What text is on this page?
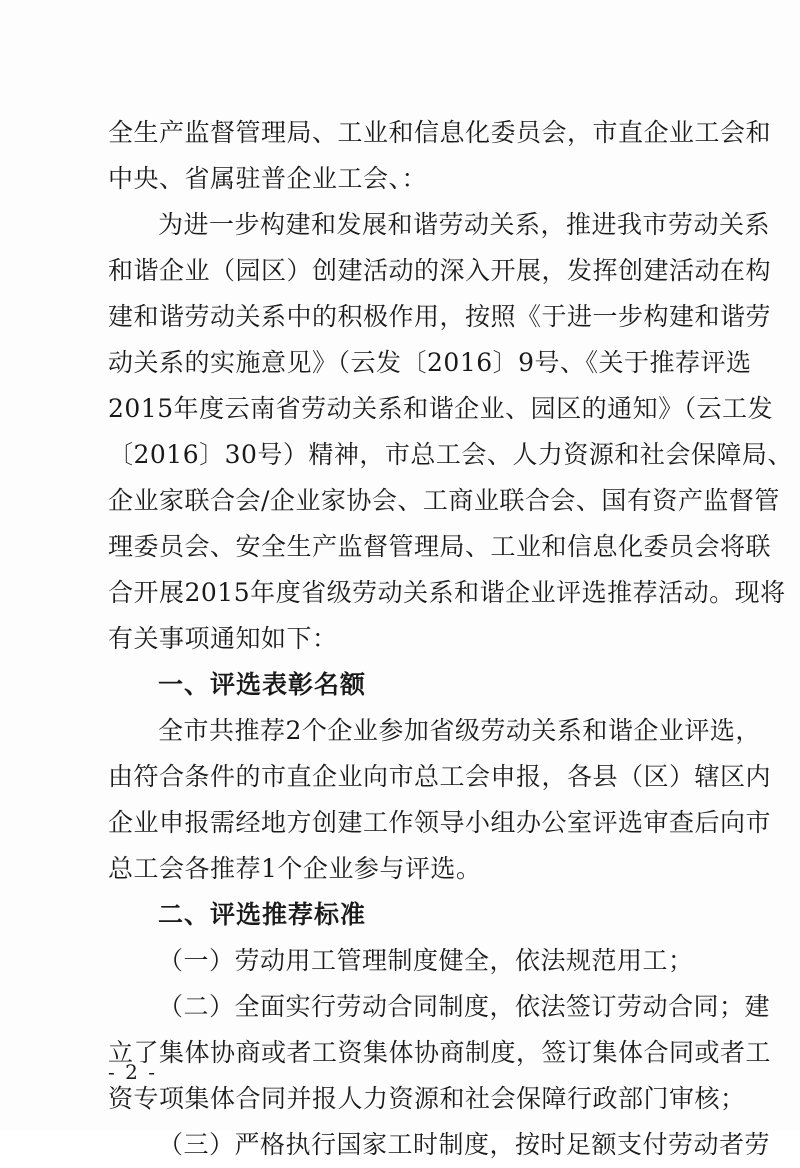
全生产监督管理局、工业和信息化委员会，市直企业工会和
中央、省属驻普企业工会、：
为进一步构建和发展和谐劳动关系，推进我市劳动关系
和谐企业（园区）创建活动的深入开展，发挥创建活动在构
建和谐劳动关系中的积极作用，按照《于进一步构建和谐劳
动关系的实施意见》（云发〔2016〕9号、《关于推荐评选
2015年度云南省劳动关系和谐企业、园区的通知》（云工发
〔2016〕30号）精神，市总工会、人力资源和社会保障局、
企业家联合会/企业家协会、工商业联合会、国有资产监督管
理委员会、安全生产监督管理局、工业和信息化委员会将联
合开展2015年度省级劳动关系和谐企业评选推荐活动。现将
有关事项通知如下：
一、评选表彰名额
全市共推荐2个企业参加省级劳动关系和谐企业评选，
由符合条件的市直企业向市总工会申报，各县（区）辖区内
企业申报需经地方创建工作领导小组办公室评选审查后向市
总工会各推荐1个企业参与评选。
二、评选推荐标准
（一）劳动用工管理制度健全，依法规范用工；
（二）全面实行劳动合同制度，依法签订劳动合同；建
立了集体协商或者工资集体协商制度，签订集体合同或者工
资专项集体合同并报人力资源和社会保障行政部门审核；
（三）严格执行国家工时制度，按时足额支付劳动者劳
- 2 -
